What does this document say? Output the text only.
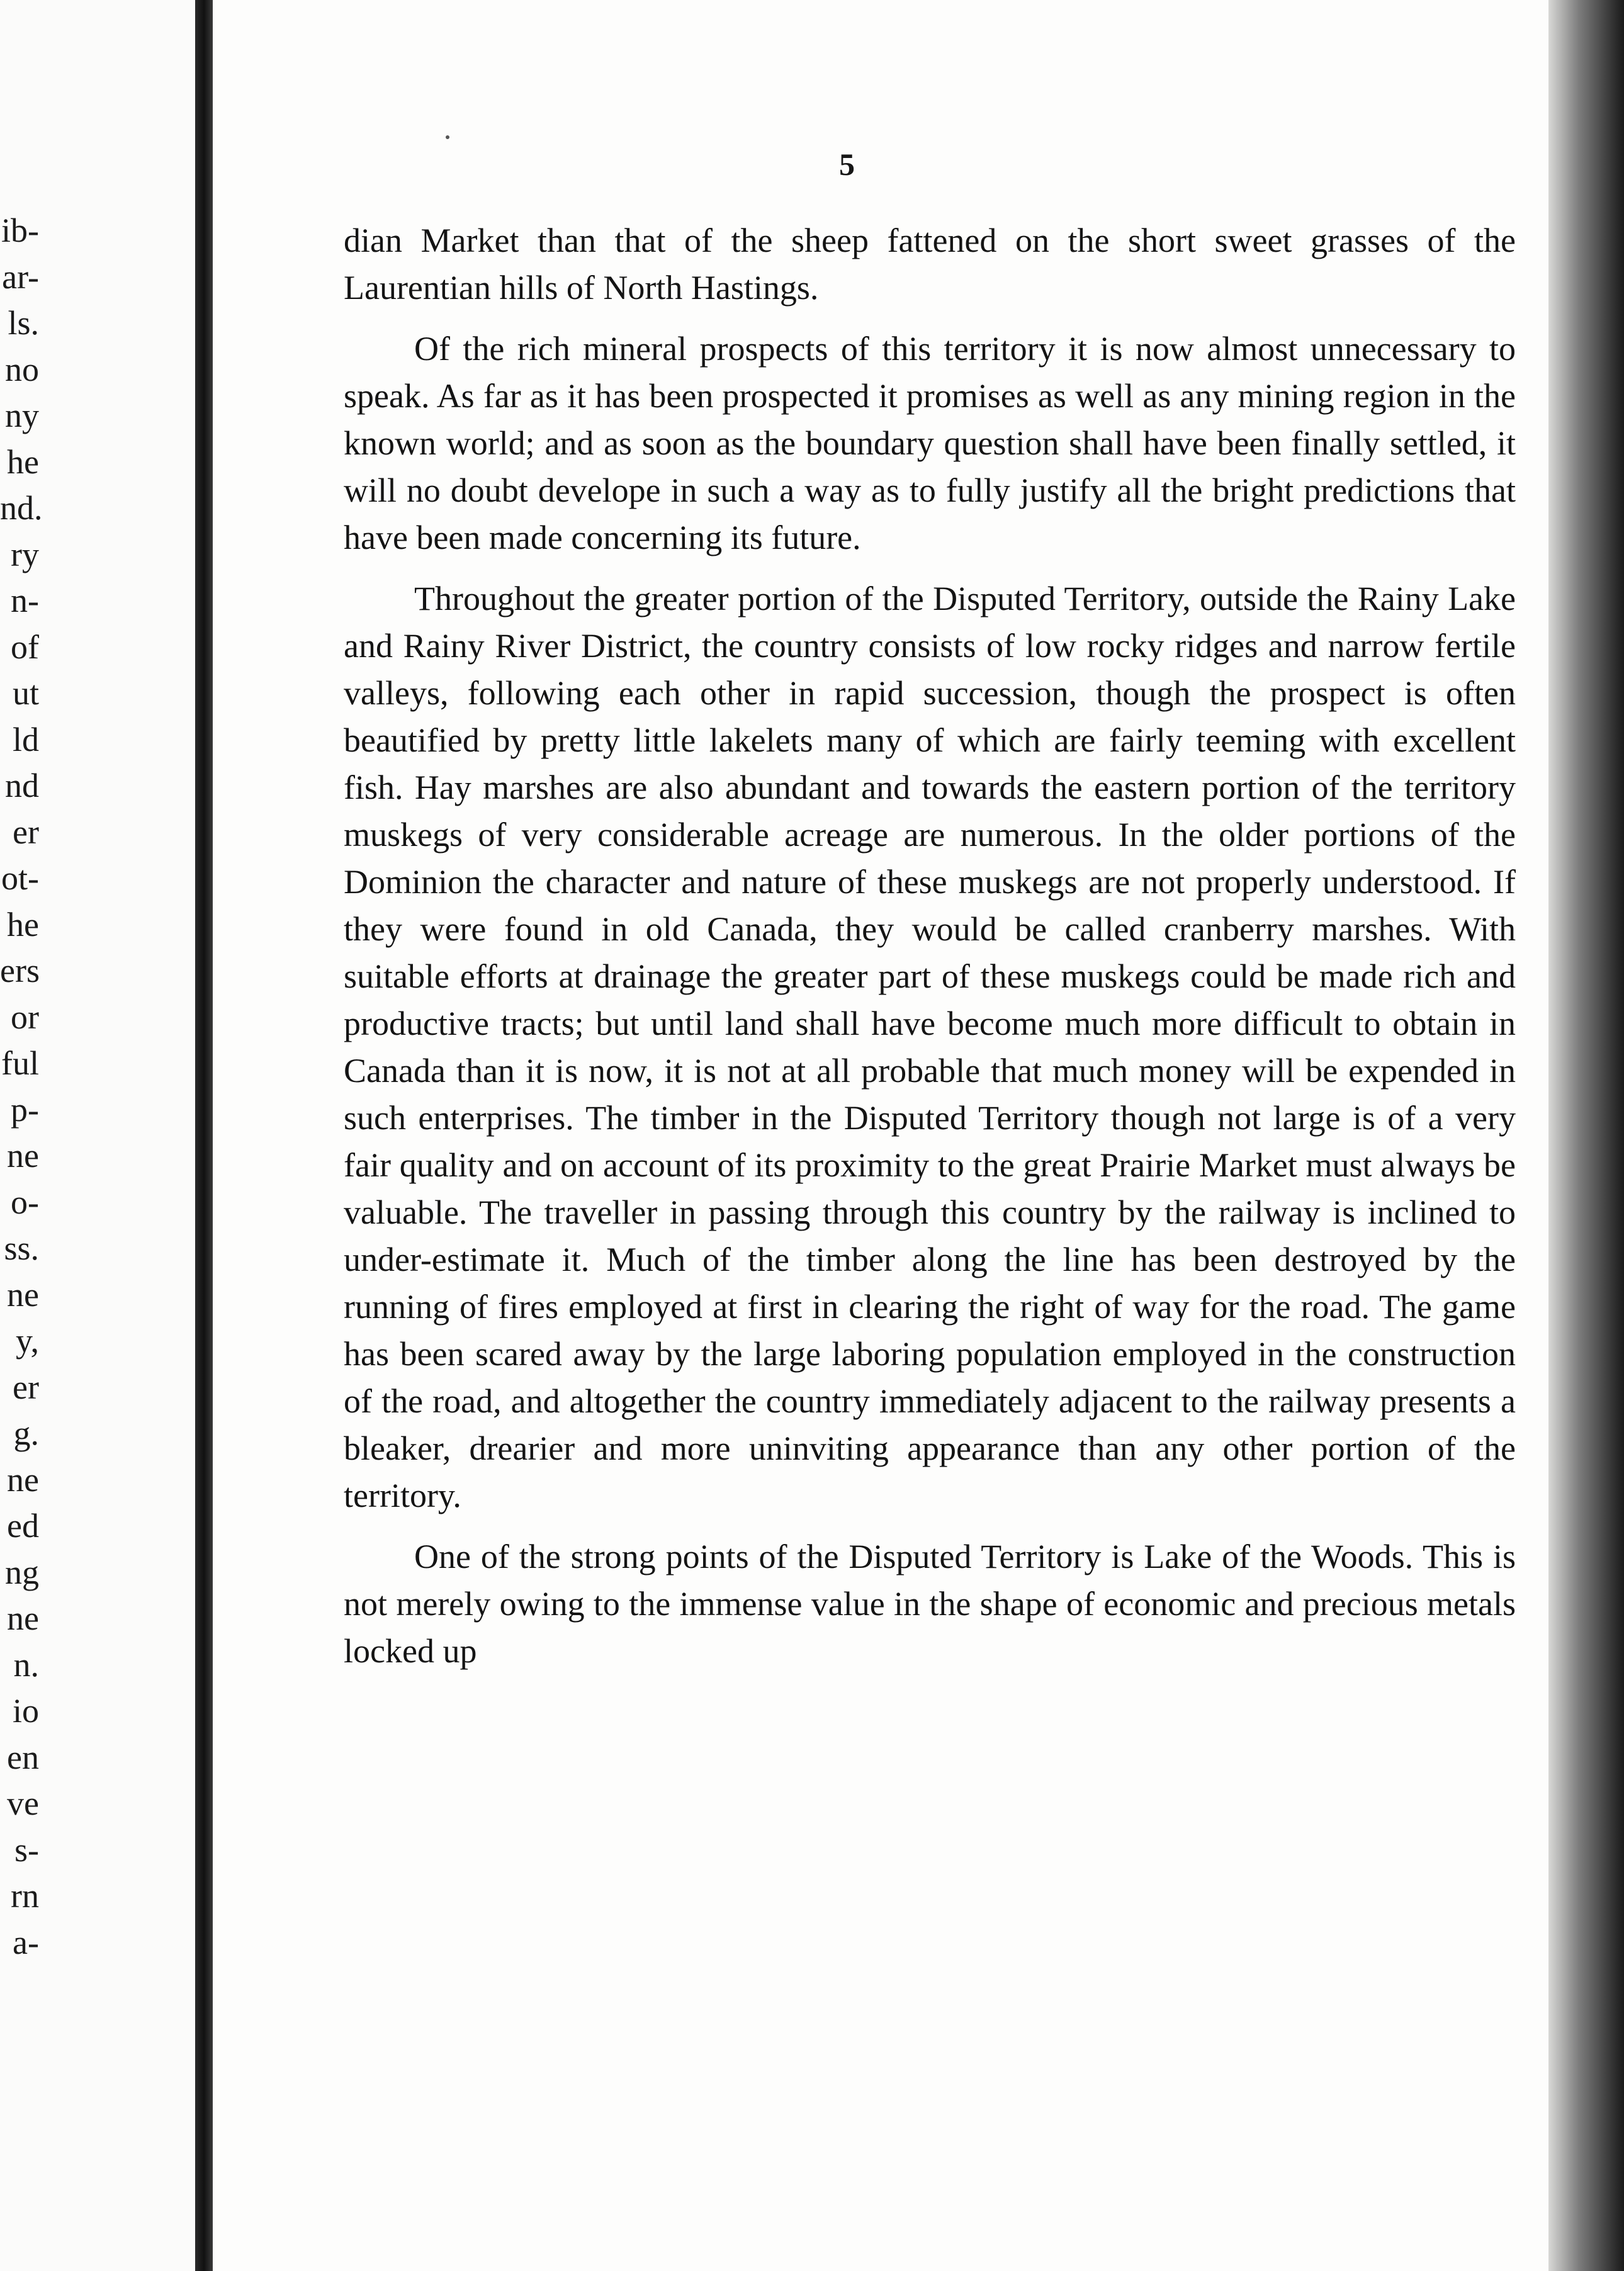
ib-
ar-
ls.
no
ny
he
nd.
ry
n-
of
ut
ld
nd
er
ot-
he
ers
or
ful
p-
ne
o-
ss.
ne
y,
er
g.
ne
ed
ng
ne
n.
io
en
ve
s-
rn
a-
5

dian Market than that of the sheep fattened on the short sweet grasses of the Laurentian hills of North Hastings.

Of the rich mineral prospects of this territory it is now almost unnecessary to speak. As far as it has been prospected it promises as well as any mining region in the known world; and as soon as the boundary question shall have been finally settled, it will no doubt develope in such a way as to fully justify all the bright predictions that have been made concerning its future.

Throughout the greater portion of the Disputed Territory, outside the Rainy Lake and Rainy River District, the country consists of low rocky ridges and narrow fertile valleys, following each other in rapid succession, though the prospect is often beautified by pretty little lakelets many of which are fairly teeming with excellent fish. Hay marshes are also abundant and towards the eastern portion of the territory muskegs of very considerable acreage are numerous. In the older portions of the Dominion the character and nature of these muskegs are not properly understood. If they were found in old Canada, they would be called cranberry marshes. With suitable efforts at drainage the greater part of these muskegs could be made rich and productive tracts; but until land shall have become much more difficult to obtain in Canada than it is now, it is not at all probable that much money will be expended in such enterprises. The timber in the Disputed Territory though not large is of a very fair quality and on account of its proximity to the great Prairie Market must always be valuable. The traveller in passing through this country by the railway is inclined to under-estimate it. Much of the timber along the line has been destroyed by the running of fires employed at first in clearing the right of way for the road. The game has been scared away by the large laboring population employed in the construction of the road, and altogether the country immediately adjacent to the railway presents a bleaker, drearier and more uninviting appearance than any other portion of the territory.

One of the strong points of the Disputed Territory is Lake of the Woods. This is not merely owing to the immense value in the shape of economic and precious metals locked up
